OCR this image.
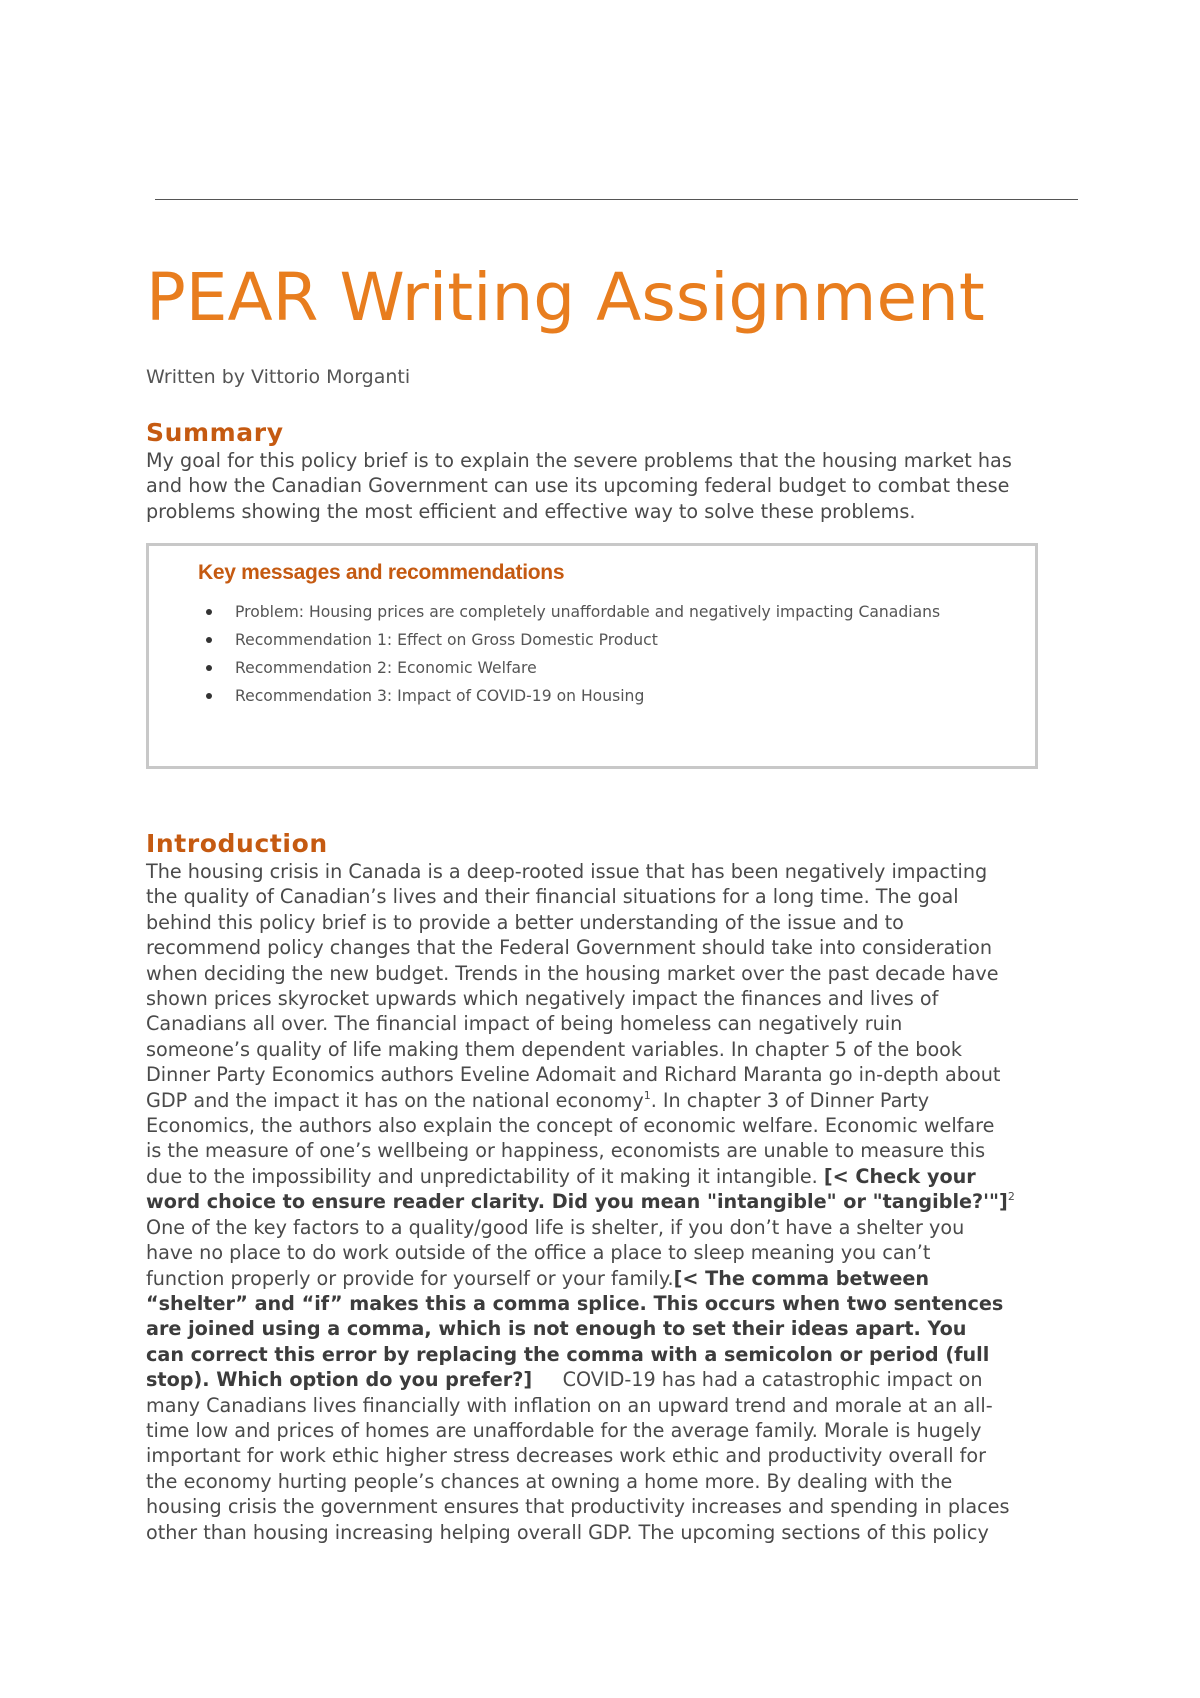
PEAR Writing Assignment

Written by Vittorio Morganti

Summary

My goal for this policy brief is to explain the severe problems that the housing market has
and how the Canadian Government can use its upcoming federal budget to combat these
problems showing the most efficient and effective way to solve these problems.

Key messages and recommendations
Problem: Housing prices are completely unaffordable and negatively impacting Canadians
Recommendation 1: Effect on Gross Domestic Product
Recommendation 2: Economic Welfare
Recommendation 3: Impact of COVID-19 on Housing
Introduction
The housing crisis in Canada is a deep-rooted issue that has been negatively impacting
the quality of Canadian’s lives and their financial situations for a long time. The goal
behind this policy brief is to provide a better understanding of the issue and to
recommend policy changes that the Federal Government should take into consideration
when deciding the new budget. Trends in the housing market over the past decade have
shown prices skyrocket upwards which negatively impact the finances and lives of
Canadians all over. The financial impact of being homeless can negatively ruin
someone’s quality of life making them dependent variables. In chapter 5 of the book
Dinner Party Economics authors Eveline Adomait and Richard Maranta go in-depth about
GDP and the impact it has on the national economy$^1$. In chapter 3 of Dinner Party
Economics, the authors also explain the concept of economic welfare. Economic welfare
is the measure of one’s wellbeing or happiness, economists are unable to measure this
due to the impossibility and unpredictability of it making it intangible. [< Check your
word choice to ensure reader clarity. Did you mean "intangible" or "tangible?'"]$^2$
One of the key factors to a quality/good life is shelter, if you don’t have a shelter you
have no place to do work outside of the office a place to sleep meaning you can’t
function properly or provide for yourself or your family.[< The comma between
“shelter” and “if” makes this a comma splice. This occurs when two sentences
are joined using a comma, which is not enough to set their ideas apart. You
can correct this error by replacing the comma with a semicolon or period (full
stop). Which option do you prefer?]     COVID-19 has had a catastrophic impact on
many Canadians lives financially with inflation on an upward trend and morale at an all-
time low and prices of homes are unaffordable for the average family. Morale is hugely
important for work ethic higher stress decreases work ethic and productivity overall for
the economy hurting people’s chances at owning a home more. By dealing with the
housing crisis the government ensures that productivity increases and spending in places
other than housing increasing helping overall GDP. The upcoming sections of this policy
